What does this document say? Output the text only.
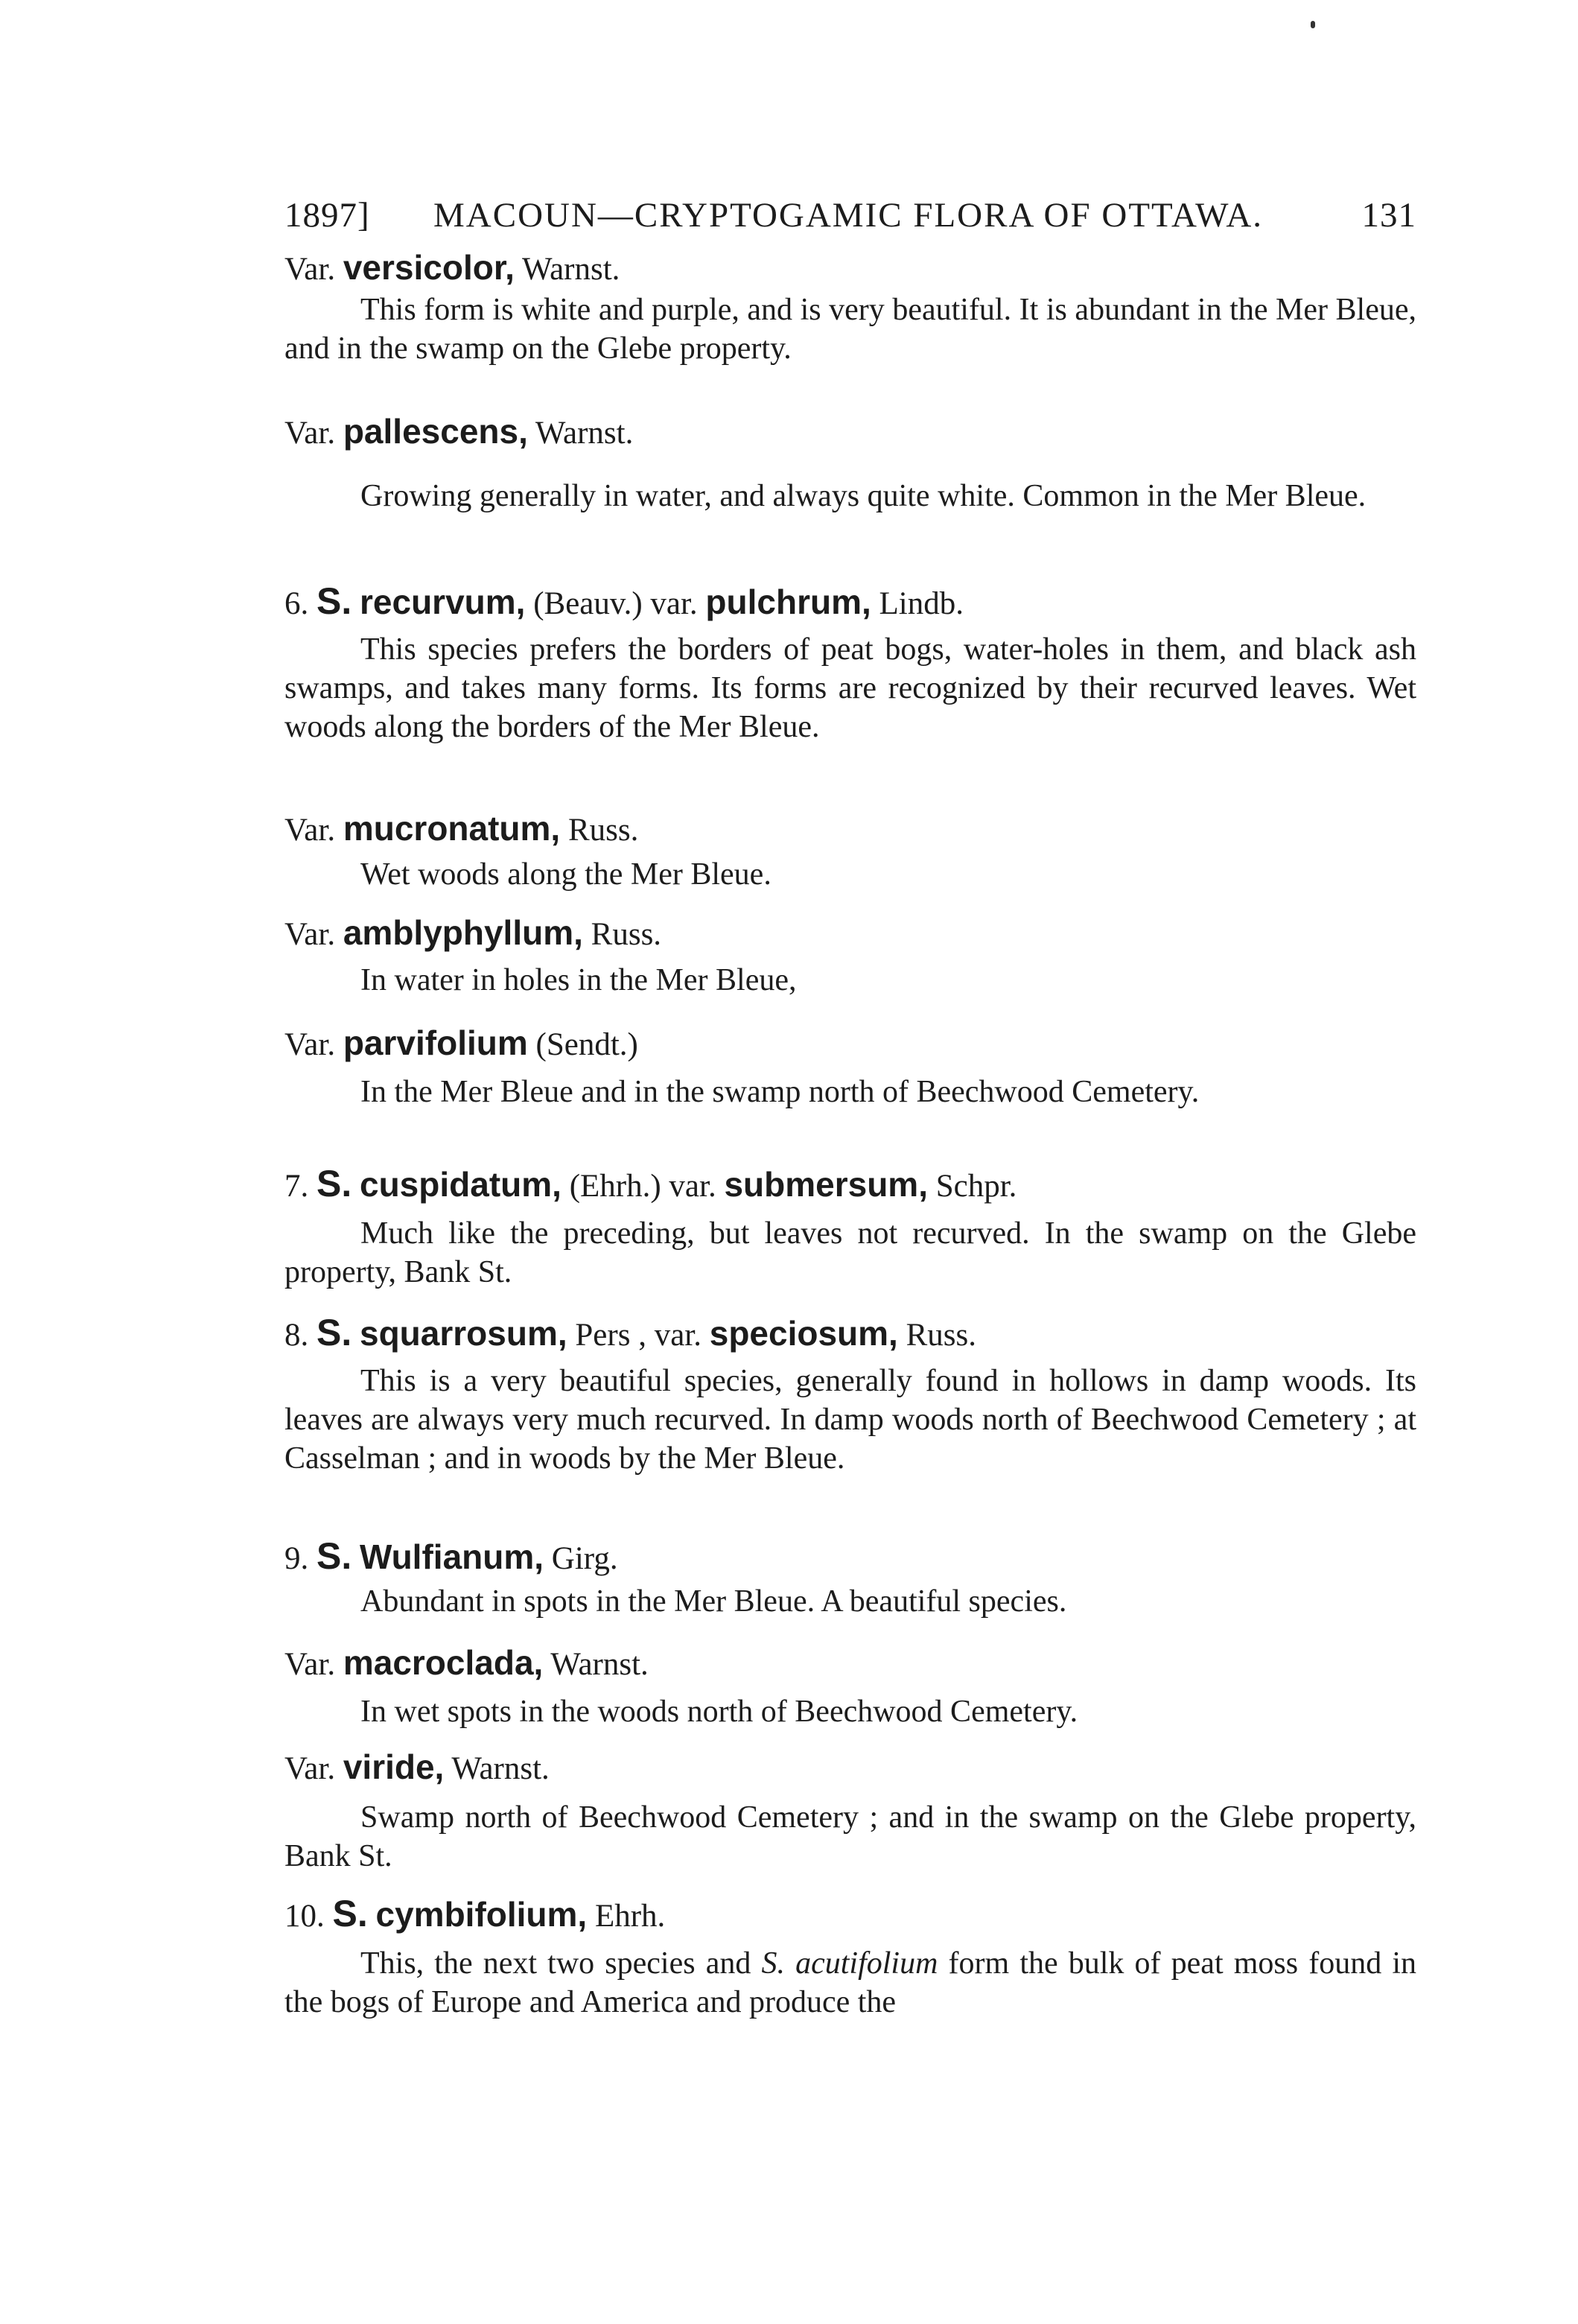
1897] MACOUN—CRYPTOGAMIC FLORA OF OTTAWA.	131
Var. versicolor, Warnst.

This form is white and purple, and is very beautiful. It is abundant in the Mer Bleue, and in the swamp on the Glebe property.

Var. pallescens, Warnst.

Growing generally in water, and always quite white. Common in the Mer Bleue.

6. S. recurvum, (Beauv.) var. pulchrum, Lindb.

This species prefers the borders of peat bogs, water-holes in them, and black ash swamps, and takes many forms. Its forms are recognized by their recurved leaves. Wet woods along the borders of the Mer Bleue.

Var. mucronatum, Russ.

Wet woods along the Mer Bleue.

Var. amblyphyllum, Russ.

In water in holes in the Mer Bleue,

Var. parvifolium (Sendt.)

In the Mer Bleue and in the swamp north of Beechwood Cemetery.

7. S. cuspidatum, (Ehrh.) var. submersum, Schpr.

Much like the preceding, but leaves not recurved. In the swamp on the Glebe property, Bank St.

8. S. squarrosum, Pers , var. speciosum, Russ.

This is a very beautiful species, generally found in hollows in damp woods. Its leaves are always very much recurved. In damp woods north of Beechwood Cemetery ; at Casselman ; and in woods by the Mer Bleue.

9. S. Wulfianum, Girg.

Abundant in spots in the Mer Bleue. A beautiful species.

Var. macroclada, Warnst.

In wet spots in the woods north of Beechwood Cemetery.

Var. viride, Warnst.

Swamp north of Beechwood Cemetery ; and in the swamp on the Glebe property, Bank St.

10. S. cymbifolium, Ehrh.

This, the next two species and S. acutifolium form the bulk of peat moss found in the bogs of Europe and America and produce the
